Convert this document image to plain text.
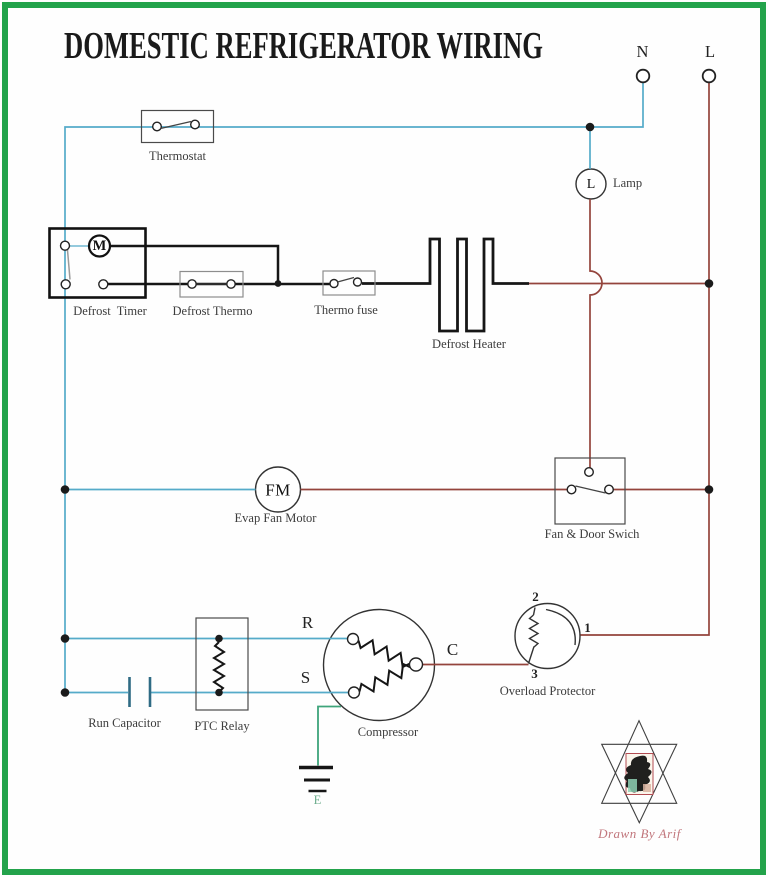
DOMESTIC REFRIGERATOR WIRING	N	L
Thermostat
Defrost  Timer Defrost Thermo	Thermo fuse
Defrost Heater
Lamp
Evap Fan Motor
Fan & Door Swich
Run Capacitor	PTC Relay	Compressor
Overload Protector
M
L
FM
R
S
C
2
1
3
E
Drawn By Arif
